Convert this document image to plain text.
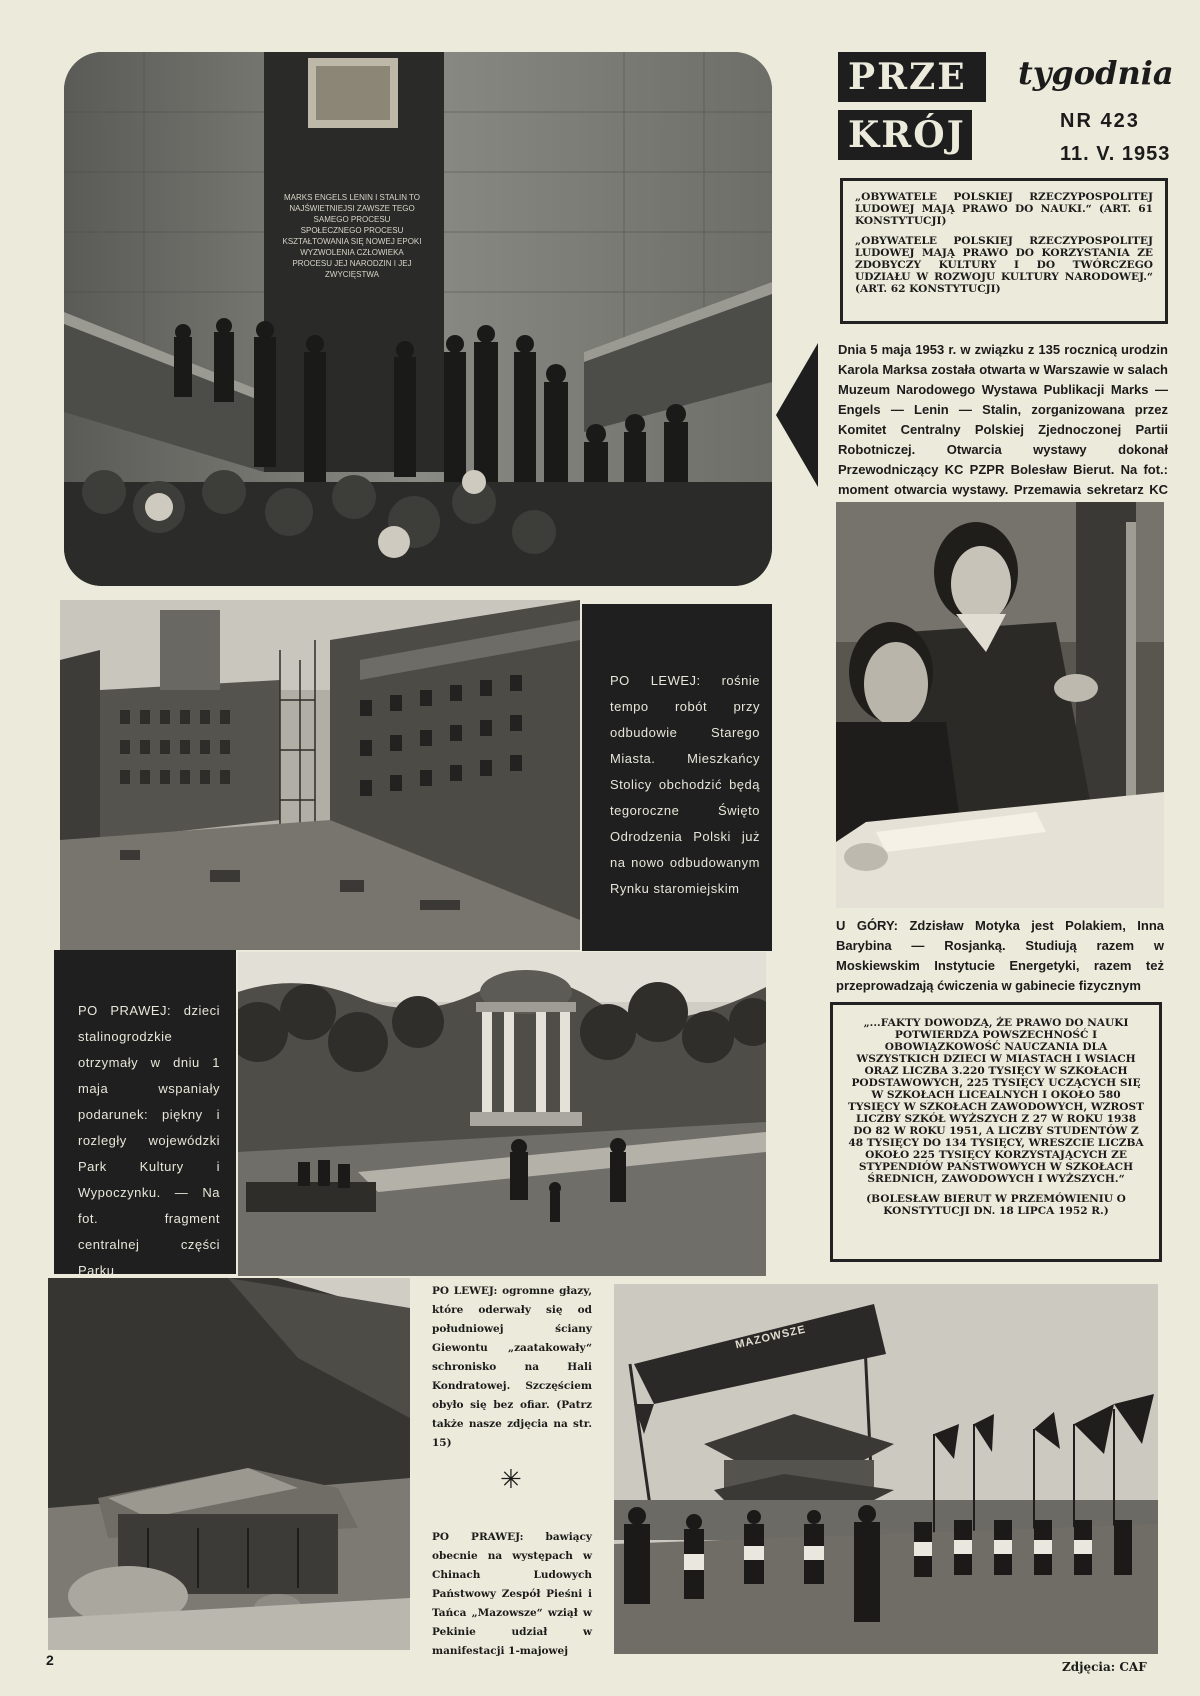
PRZE
KRÓJ
tygodnia
NR 423
11. V. 1953

„OBYWATELE POLSKIEJ RZECZYPOSPOLITEJ LUDOWEJ MAJĄ PRAWO DO NAUKI.“ (ART. 61 KONSTYTUCJI)

„OBYWATELE POLSKIEJ RZECZYPOSPOLITEJ LUDOWEJ MAJĄ PRAWO DO KORZYSTANIA ZE ZDOBYCZY KULTURY I DO TWÓRCZEGO UDZIAŁU W ROZWOJU KULTURY NARODOWEJ.“ (ART. 62 KONSTYTUCJI)

MARKS ENGELS LENIN I STALIN TO NAJŚWIETNIEJSI ZAWSZE TEGO SAMEGO PROCESU SPOŁECZNEGO PROCESU KSZTAŁTOWANIA SIĘ NOWEJ EPOKI WYZWOLENIA CZŁOWIEKA PROCESU JEJ NARODZIN I JEJ ZWYCIĘSTWA
Dnia 5 maja 1953 r. w związku z 135 rocznicą urodzin Karola Marksa została otwarta w Warszawie w salach Muzeum Narodowego Wystawa Publikacji Marks — Engels — Lenin — Stalin, zorganizowana przez Komitet Centralny Polskiej Zjednoczonej Partii Robotniczej. Otwarcia wystawy dokonał Przewodniczący KC PZPR Bolesław Bierut. Na fot.: moment otwarcia wystawy. Przemawia sekretarz KC
PO LEWEJ: rośnie tempo robót przy odbudowie Starego Miasta. Mieszkańcy Stolicy obchodzić będą tegoroczne Święto Odrodzenia Polski już na nowo odbudowanym Rynku staromiejskim
U GÓRY: Zdzisław Motyka jest Polakiem, Inna Barybina — Rosjanką. Studiują razem w Moskiewskim Instytucie Energetyki, razem też przeprowadzają ćwiczenia w gabinecie fizycznym
PO PRAWEJ: dzieci stalinogrodzkie otrzymały w dniu 1 maja wspaniały podarunek: piękny i rozległy wojewódzki Park Kultury i Wypoczynku. — Na fot. fragment centralnej części Parku

„...FAKTY DOWODZĄ, ŻE PRAWO DO NAUKI POTWIERDZA POWSZECHNOŚĆ I OBOWIĄZKOWOŚĆ NAUCZANIA DLA WSZYSTKICH DZIECI W MIASTACH I WSIACH ORAZ LICZBA 3.220 TYSIĘCY W SZKOŁACH PODSTAWOWYCH, 225 TYSIĘCY UCZĄCYCH SIĘ W SZKOŁACH LICEALNYCH I OKOŁO 580 TYSIĘCY W SZKOŁACH ZAWODOWYCH, WZROST LICZBY SZKÓŁ WYŻSZYCH Z 27 W ROKU 1938 DO 82 W ROKU 1951, A LICZBY STUDENTÓW Z 48 TYSIĘCY DO 134 TYSIĘCY, WRESZCIE LICZBA OKOŁO 225 TYSIĘCY KORZYSTAJĄCYCH ZE STYPENDIÓW PAŃSTWOWYCH W SZKOŁACH ŚREDNICH, ZAWODOWYCH I WYŻSZYCH.“

(BOLESŁAW BIERUT W PRZEMÓWIENIU O KONSTYTUCJI DN. 18 LIPCA 1952 R.)

PO LEWEJ: ogromne głazy, które oderwały się od południowej ściany Giewontu „zaatakowały“ schronisko na Hali Kondratowej. Szczęściem obyło się bez ofiar. (Patrz także nasze zdjęcia na str. 15)
✳
PO PRAWEJ: bawiący obecnie na występach w Chinach Ludowych Państwowy Zespół Pieśni i Tańca „Mazowsze“ wziął w Pekinie udział w manifestacji 1-majowej
MAZOWSZE
2	Zdjęcia: CAF
